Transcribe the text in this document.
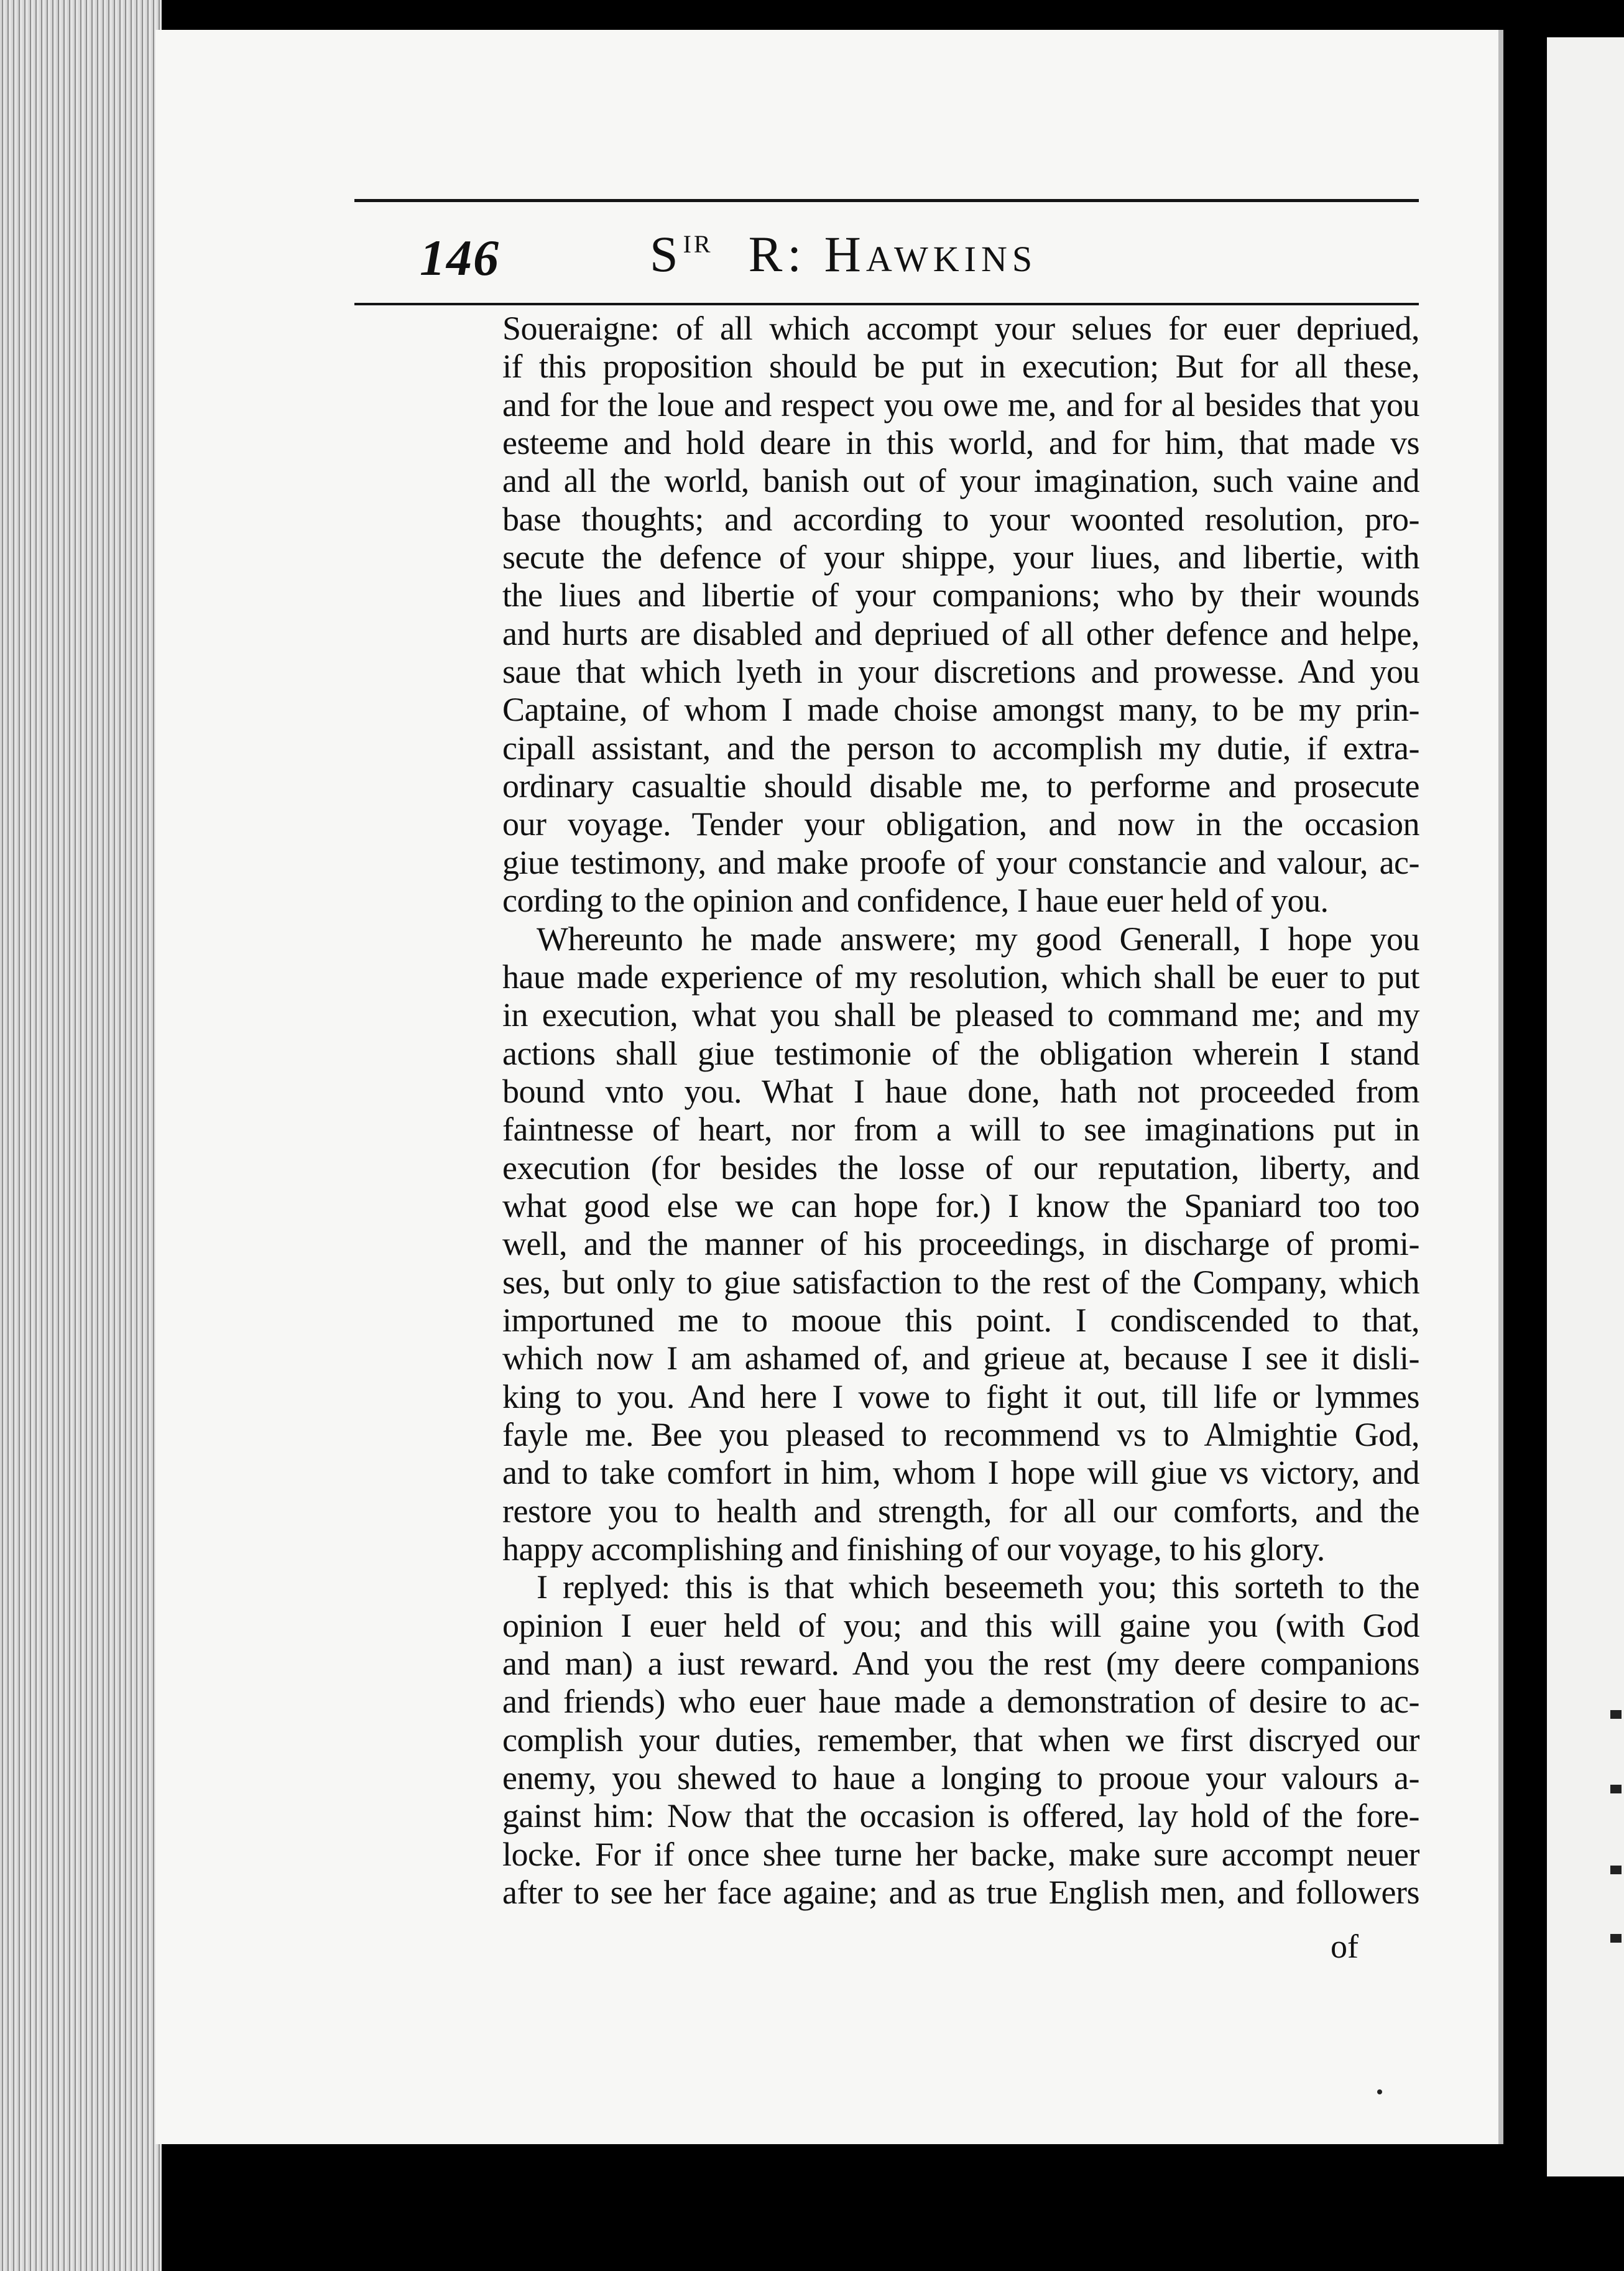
146	$S^{IR}$ R: HAWKINS
Soueraigne: of all which accompt your selues for euer depriued,
if this proposition should be put in execution; But for all these,
and for the loue and respect you owe me, and for al besides that you
esteeme and hold deare in this world, and for him, that made vs
and all the world, banish out of your imagination, such vaine and
base thoughts; and according to your woonted resolution, pro-
secute the defence of your shippe, your liues, and libertie, with
the liues and libertie of your companions; who by their wounds
and hurts are disabled and depriued of all other defence and helpe,
saue that which lyeth in your discretions and prowesse. And you
Captaine, of whom I made choise amongst many, to be my prin-
cipall assistant, and the person to accomplish my dutie, if extra-
ordinary casualtie should disable me, to performe and prosecute
our voyage. Tender your obligation, and now in the occasion
giue testimony, and make proofe of your constancie and valour, ac-
cording to the opinion and confidence, I haue euer held of you.
Whereunto he made answere; my good Generall, I hope you
haue made experience of my resolution, which shall be euer to put
in execution, what you shall be pleased to command me; and my
actions shall giue testimonie of the obligation wherein I stand
bound vnto you. What I haue done, hath not proceeded from
faintnesse of heart, nor from a will to see imaginations put in
execution (for besides the losse of our reputation, liberty, and
what good else we can hope for.) I know the Spaniard too too
well, and the manner of his proceedings, in discharge of promi-
ses, but only to giue satisfaction to the rest of the Company, which
importuned me to mooue this point. I condiscended to that,
which now I am ashamed of, and grieue at, because I see it disli-
king to you. And here I vowe to fight it out, till life or lymmes
fayle me. Bee you pleased to recommend vs to Almightie God,
and to take comfort in him, whom I hope will giue vs victory, and
restore you to health and strength, for all our comforts, and the
happy accomplishing and finishing of our voyage, to his glory.
I replyed: this is that which beseemeth you; this sorteth to the
opinion I euer held of you; and this will gaine you (with God
and man) a iust reward. And you the rest (my deere companions
and friends) who euer haue made a demonstration of desire to ac-
complish your duties, remember, that when we first discryed our
enemy, you shewed to haue a longing to prooue your valours a-
gainst him: Now that the occasion is offered, lay hold of the fore-
locke. For if once shee turne her backe, make sure accompt neuer
after to see her face againe; and as true English men, and followers
of
